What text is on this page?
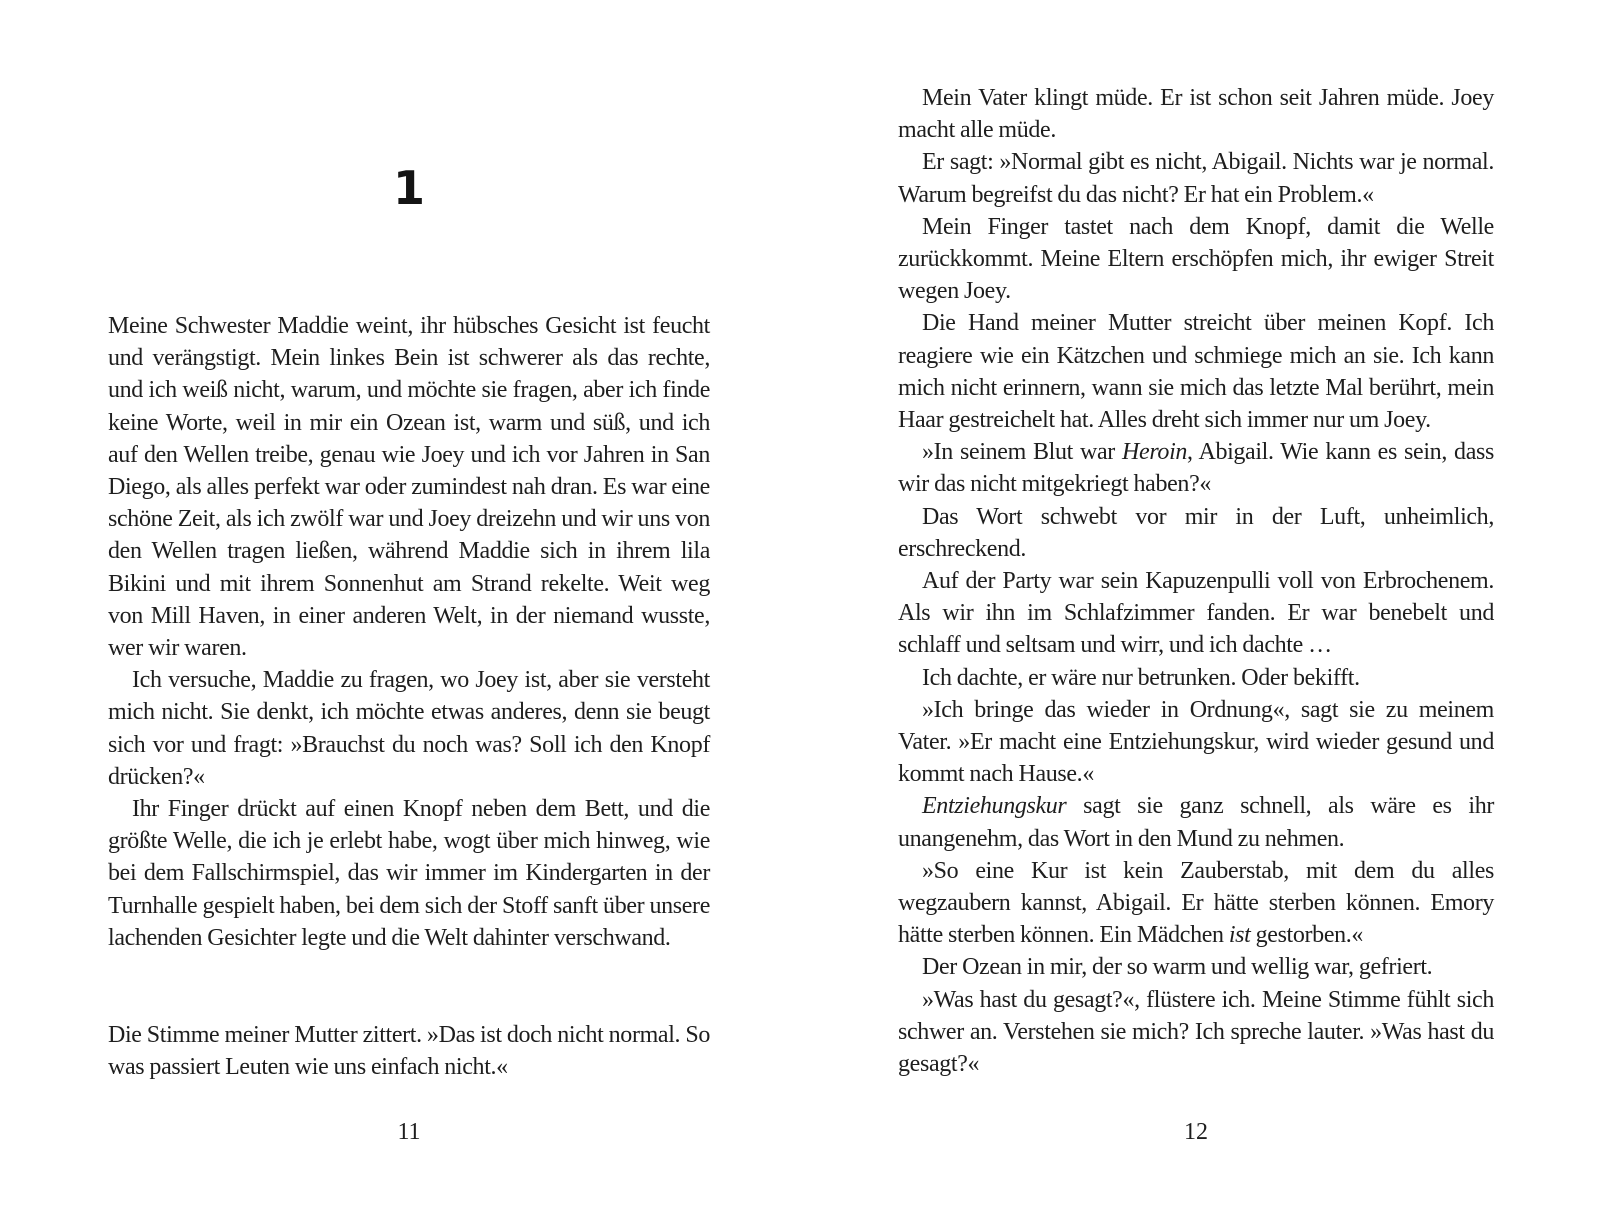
1

Meine Schwester Maddie weint, ihr hübsches Gesicht ist feucht und verängstigt. Mein linkes Bein ist schwerer als das rechte, und ich weiß nicht, warum, und möchte sie fragen, aber ich finde keine Worte, weil in mir ein Ozean ist, warm und süß, und ich auf den Wellen treibe, genau wie Joey und ich vor Jahren in San Diego, als alles perfekt war oder zumindest nah dran. Es war eine schöne Zeit, als ich zwölf war und Joey dreizehn und wir uns von den Wellen tragen ließen, während Maddie sich in ihrem lila Bikini und mit ihrem Sonnenhut am Strand rekelte. Weit weg von Mill Haven, in einer anderen Welt, in der niemand wusste, wer wir waren.

Ich versuche, Maddie zu fragen, wo Joey ist, aber sie versteht mich nicht. Sie denkt, ich möchte etwas anderes, denn sie beugt sich vor und fragt: »Brauchst du noch was? Soll ich den Knopf drücken?«

Ihr Finger drückt auf einen Knopf neben dem Bett, und die größte Welle, die ich je erlebt habe, wogt über mich hinweg, wie bei dem Fallschirmspiel, das wir immer im Kindergarten in der Turnhalle gespielt haben, bei dem sich der Stoff sanft über unsere lachenden Gesichter legte und die Welt dahinter verschwand.

Die Stimme meiner Mutter zittert. »Das ist doch nicht normal. So was passiert Leuten wie uns einfach nicht.«

11

Mein Vater klingt müde. Er ist schon seit Jahren müde. Joey macht alle müde.

Er sagt: »Normal gibt es nicht, Abigail. Nichts war je normal. Warum begreifst du das nicht? Er hat ein Problem.«

Mein Finger tastet nach dem Knopf, damit die Welle zurückkommt. Meine Eltern erschöpfen mich, ihr ewiger Streit wegen Joey.

Die Hand meiner Mutter streicht über meinen Kopf. Ich reagiere wie ein Kätzchen und schmiege mich an sie. Ich kann mich nicht erinnern, wann sie mich das letzte Mal berührt, mein Haar gestreichelt hat. Alles dreht sich immer nur um Joey.

»In seinem Blut war Heroin, Abigail. Wie kann es sein, dass wir das nicht mitgekriegt haben?«

Das Wort schwebt vor mir in der Luft, unheimlich, erschreckend.

Auf der Party war sein Kapuzenpulli voll von Erbrochenem. Als wir ihn im Schlafzimmer fanden. Er war benebelt und schlaff und seltsam und wirr, und ich dachte …

Ich dachte, er wäre nur betrunken. Oder bekifft.

»Ich bringe das wieder in Ordnung«, sagt sie zu meinem Vater. »Er macht eine Entziehungskur, wird wieder gesund und kommt nach Hause.«

Entziehungskur sagt sie ganz schnell, als wäre es ihr unangenehm, das Wort in den Mund zu nehmen.

»So eine Kur ist kein Zauberstab, mit dem du alles wegzaubern kannst, Abigail. Er hätte sterben können. Emory hätte sterben können. Ein Mädchen ist gestorben.«

Der Ozean in mir, der so warm und wellig war, gefriert.

»Was hast du gesagt?«, flüstere ich. Meine Stimme fühlt sich schwer an. Verstehen sie mich? Ich spreche lauter. »Was hast du gesagt?«

12
